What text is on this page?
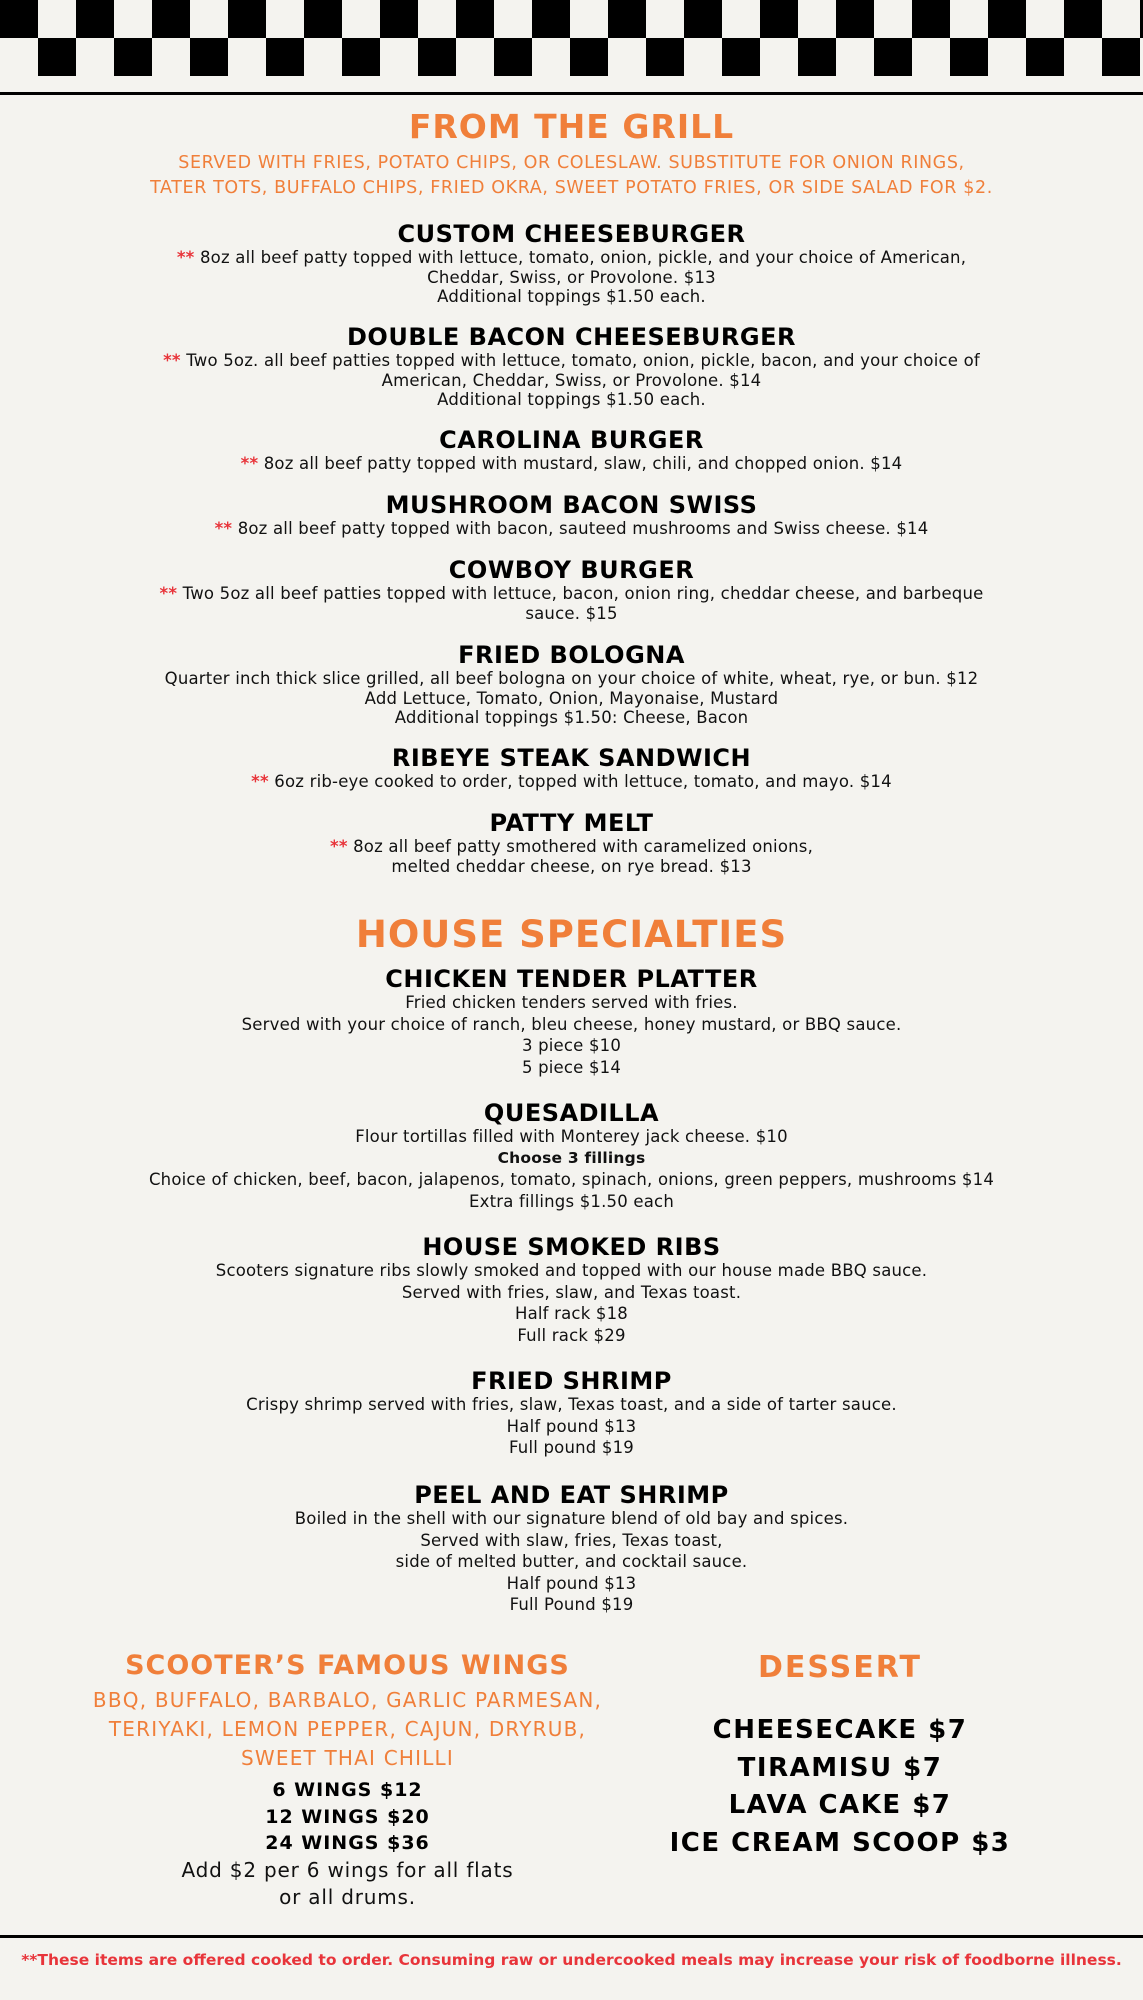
FROM THE GRILL

SERVED WITH FRIES, POTATO CHIPS, OR COLESLAW. SUBSTITUTE FOR ONION RINGS,
TATER TOTS, BUFFALO CHIPS, FRIED OKRA, SWEET POTATO FRIES, OR SIDE SALAD FOR $2.

CUSTOM CHEESEBURGER

** 8oz all beef patty topped with lettuce, tomato, onion, pickle, and your choice of American,

Cheddar, Swiss, or Provolone. $13

Additional toppings $1.50 each.

DOUBLE BACON CHEESEBURGER

** Two 5oz. all beef patties topped with lettuce, tomato, onion, pickle, bacon, and your choice of

American, Cheddar, Swiss, or Provolone. $14

Additional toppings $1.50 each.

CAROLINA BURGER

** 8oz all beef patty topped with mustard, slaw, chili, and chopped onion. $14

MUSHROOM BACON SWISS

** 8oz all beef patty topped with bacon, sauteed mushrooms and Swiss cheese. $14

COWBOY BURGER

** Two 5oz all beef patties topped with lettuce, bacon, onion ring, cheddar cheese, and barbeque

sauce. $15

FRIED BOLOGNA

Quarter inch thick slice grilled, all beef bologna on your choice of white, wheat, rye, or bun. $12

Add Lettuce, Tomato, Onion, Mayonaise, Mustard

Additional toppings $1.50: Cheese, Bacon

RIBEYE STEAK SANDWICH

** 6oz rib-eye cooked to order, topped with lettuce, tomato, and mayo. $14

PATTY MELT

** 8oz all beef patty smothered with caramelized onions,

melted cheddar cheese, on rye bread. $13

HOUSE SPECIALTIES
CHICKEN TENDER PLATTER

Fried chicken tenders served with fries.

Served with your choice of ranch, bleu cheese, honey mustard, or BBQ sauce.

3 piece $10

5 piece $14

QUESADILLA

Flour tortillas filled with Monterey jack cheese. $10

Choose 3 fillings

Choice of chicken, beef, bacon, jalapenos, tomato, spinach, onions, green peppers, mushrooms $14

Extra fillings $1.50 each

HOUSE SMOKED RIBS

Scooters signature ribs slowly smoked and topped with our house made BBQ sauce.

Served with fries, slaw, and Texas toast.

Half rack $18

Full rack $29

FRIED SHRIMP

Crispy shrimp served with fries, slaw, Texas toast, and a side of tarter sauce.

Half pound $13

Full pound $19

PEEL AND EAT SHRIMP

Boiled in the shell with our signature blend of old bay and spices.

Served with slaw, fries, Texas toast,

side of melted butter, and cocktail sauce.

Half pound $13

Full Pound $19

SCOOTER’S FAMOUS WINGS

BBQ, BUFFALO, BARBALO, GARLIC PARMESAN,
TERIYAKI, LEMON PEPPER, CAJUN, DRYRUB,
SWEET THAI CHILLI

6 WINGS $12

12 WINGS $20

24 WINGS $36

Add $2 per 6 wings for all flats

or all drums.

DESSERT

CHEESECAKE $7

TIRAMISU $7

LAVA CAKE $7

ICE CREAM SCOOP $3

**These items are offered cooked to order. Consuming raw or undercooked meals may increase your risk of foodborne illness.
